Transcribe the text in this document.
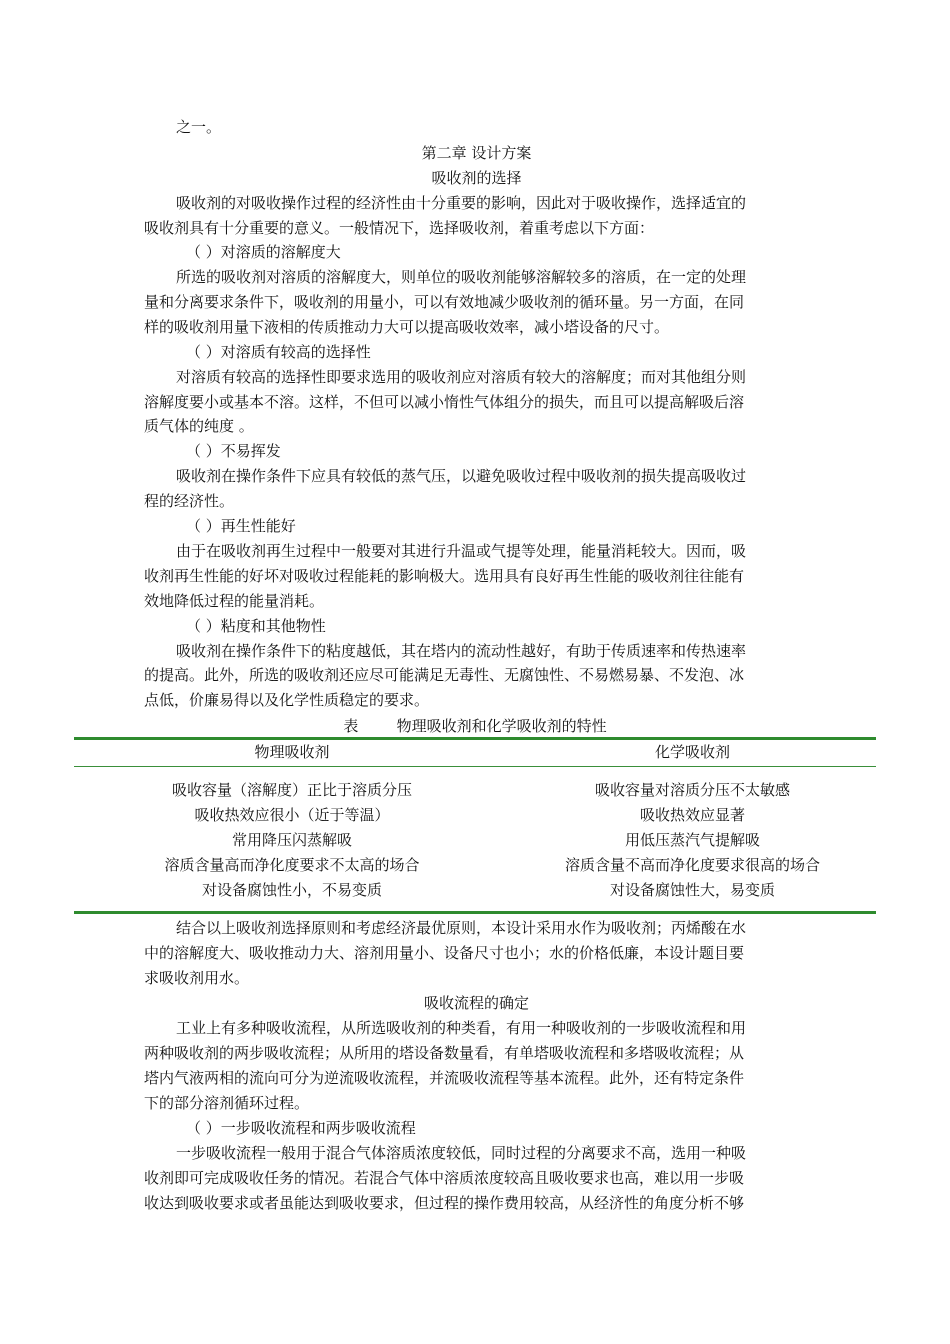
之一。
第二章 设计方案
吸收剂的选择
吸收剂的对吸收操作过程的经济性由十分重要的影响，因此对于吸收操作，选择适宜的
吸收剂具有十分重要的意义。一般情况下，选择吸收剂，着重考虑以下方面：
（ ）对溶质的溶解度大
所选的吸收剂对溶质的溶解度大，则单位的吸收剂能够溶解较多的溶质，在一定的处理
量和分离要求条件下，吸收剂的用量小，可以有效地减少吸收剂的循环量。另一方面，在同
样的吸收剂用量下液相的传质推动力大可以提高吸收效率，减小塔设备的尺寸。
（ ）对溶质有较高的选择性
对溶质有较高的选择性即要求选用的吸收剂应对溶质有较大的溶解度；而对其他组分则
溶解度要小或基本不溶。这样，不但可以减小惰性气体组分的损失，而且可以提高解吸后溶
质气体的纯度 。
（ ）不易挥发
吸收剂在操作条件下应具有较低的蒸气压，以避免吸收过程中吸收剂的损失提高吸收过
程的经济性。
（ ）再生性能好
由于在吸收剂再生过程中一般要对其进行升温或气提等处理，能量消耗较大。因而，吸
收剂再生性能的好坏对吸收过程能耗的影响极大。选用具有良好再生性能的吸收剂往往能有
效地降低过程的能量消耗。
（ ）粘度和其他物性
吸收剂在操作条件下的粘度越低，其在塔内的流动性越好，有助于传质速率和传热速率
的提高。此外，所选的吸收剂还应尽可能满足无毒性、无腐蚀性、不易燃易暴、不发泡、冰
点低，价廉易得以及化学性质稳定的要求。
表        物理吸收剂和化学吸收剂的特性
物理吸收剂	化学吸收剂
吸收容量（溶解度）正比于溶质分压	吸收容量对溶质分压不太敏感
吸收热效应很小（近于等温）	吸收热效应显著
常用降压闪蒸解吸	用低压蒸汽气提解吸
溶质含量高而净化度要求不太高的场合	溶质含量不高而净化度要求很高的场合
对设备腐蚀性小，不易变质	对设备腐蚀性大，易变质
结合以上吸收剂选择原则和考虑经济最优原则，本设计采用水作为吸收剂；丙烯酸在水
中的溶解度大、吸收推动力大、溶剂用量小、设备尺寸也小；水的价格低廉，本设计题目要
求吸收剂用水。
吸收流程的确定
工业上有多种吸收流程，从所选吸收剂的种类看，有用一种吸收剂的一步吸收流程和用
两种吸收剂的两步吸收流程；从所用的塔设备数量看，有单塔吸收流程和多塔吸收流程；从
塔内气液两相的流向可分为逆流吸收流程，并流吸收流程等基本流程。此外，还有特定条件
下的部分溶剂循环过程。
（ ）一步吸收流程和两步吸收流程
一步吸收流程一般用于混合气体溶质浓度较低，同时过程的分离要求不高，选用一种吸
收剂即可完成吸收任务的情况。若混合气体中溶质浓度较高且吸收要求也高，难以用一步吸
收达到吸收要求或者虽能达到吸收要求，但过程的操作费用较高，从经济性的角度分析不够
